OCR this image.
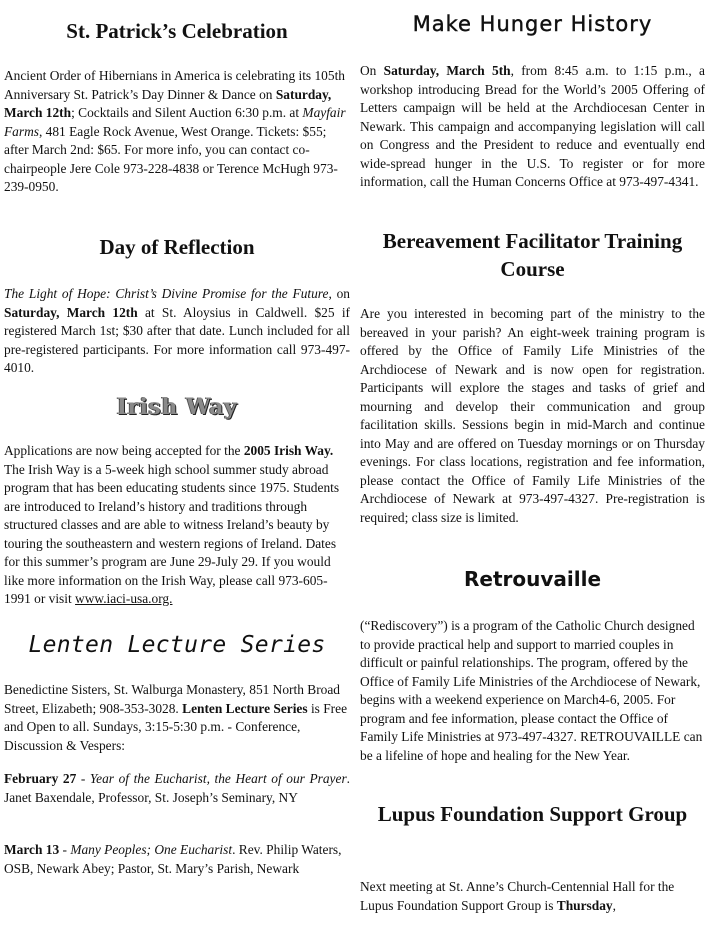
St. Patrick’s Celebration

Ancient Order of Hibernians in America is celebrating its 105th Anniversary St. Patrick’s Day Dinner & Dance on Saturday, March 12th; Cocktails and Silent Auction 6:30 p.m. at Mayfair Farms, 481 Eagle Rock Avenue, West Orange. Tickets: $55; after March 2nd: $65. For more info, you can contact co-chairpeople Jere Cole 973-228-4838 or Terence McHugh 973-239-0950.

Day of Reflection

The Light of Hope: Christ’s Divine Promise for the Future, on Saturday, March 12th at St. Aloysius in Caldwell. $25 if registered March 1st; $30 after that date. Lunch included for all pre-registered participants. For more information call 973-497-4010.

Irish Way

Applications are now being accepted for the 2005 Irish Way. The Irish Way is a 5-week high school summer study abroad program that has been educating students since 1975. Students are introduced to Ireland’s history and traditions through structured classes and are able to witness Ireland’s beauty by touring the southeastern and western regions of Ireland. Dates for this summer’s program are June 29-July 29. If you would like more information on the Irish Way, please call 973-605-1991 or visit www.iaci-usa.org.

Lenten Lecture Series

Benedictine Sisters, St. Walburga Monastery, 851 North Broad Street, Elizabeth; 908-353-3028. Lenten Lecture Series is Free and Open to all. Sundays, 3:15-5:30 p.m. - Conference, Discussion & Vespers:

February 27 - Year of the Eucharist, the Heart of our Prayer. Janet Baxendale, Professor, St. Joseph’s Seminary, NY

March 13 - Many Peoples; One Eucharist. Rev. Philip Waters, OSB, Newark Abey; Pastor, St. Mary’s Parish, Newark

Make Hunger History

On Saturday, March 5th, from 8:45 a.m. to 1:15 p.m., a workshop introducing Bread for the World’s 2005 Offering of Letters campaign will be held at the Archdiocesan Center in Newark. This campaign and accompanying legislation will call on Congress and the President to reduce and eventually end wide-spread hunger in the U.S. To register or for more information, call the Human Concerns Office at 973-497-4341.

Bereavement Facilitator Training Course

Are you interested in becoming part of the ministry to the bereaved in your parish? An eight-week training program is offered by the Office of Family Life Ministries of the Archdiocese of Newark and is now open for registration. Participants will explore the stages and tasks of grief and mourning and develop their communication and group facilitation skills. Sessions begin in mid-March and continue into May and are offered on Tuesday mornings or on Thursday evenings. For class locations, registration and fee information, please contact the Office of Family Life Ministries of the Archdiocese of Newark at 973-497-4327. Pre-registration is required; class size is limited.

Retrouvaille

(“Rediscovery”) is a program of the Catholic Church designed to provide practical help and support to married couples in difficult or painful relationships. The program, offered by the Office of Family Life Ministries of the Archdiocese of Newark, begins with a weekend experience on March4-6, 2005. For program and fee information, please contact the Office of Family Life Ministries at 973-497-4327. RETROUVAILLE can be a lifeline of hope and healing for the New Year.

Lupus Foundation Support Group

Next meeting at St. Anne’s Church-Centennial Hall for the Lupus Foundation Support Group is Thursday,
